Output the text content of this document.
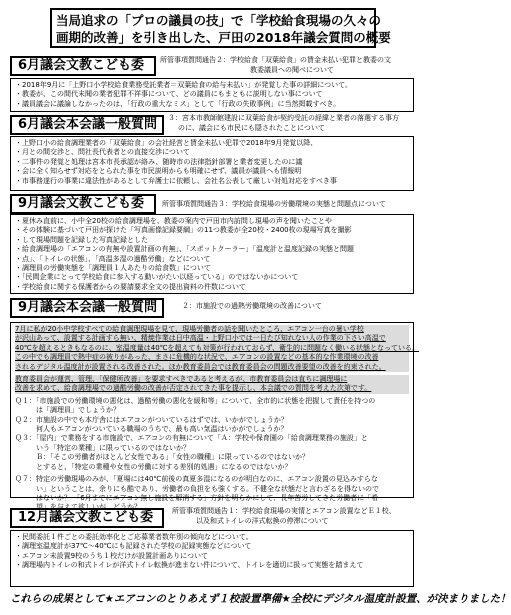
当局追求の「プロの議員の技」で「学校給食現場の久々の
画期的改善」を引き出した、戸田の2018年議会質問の概要
6月議会文教こども委	所管事項質問通告２：学校給食「双葉給食」の賃金未払い犯罪と教委の文
教委議員への聞べについて
・ 2018年9月に「上野口小学校給食業務受託業者＝双葉給食の給与未払い」が発覚した事の詳細について。
・ 教委が、この間代未聞の業者犯罪不祥事について、どの議員にもまともに説明しない事について
・ 議員議会に議論しなかったのは、「行政の重大なミス」として「行政の失敗事例」に当然掲載すべき。
6月議会本会議一般質問	３：宮本市教師館建設に双葉給食が契約受託の経緯と業者の落選する事方
のに、議会にも市民にも隠されたことについて
・ 上野口小の給食調理業者の「双葉給食」の会社経営と賃金未払い犯罪で2018年9月発覚以降、
・ 月との間交渉と、問社長代表者との直接交渉について
・ 二事件の発覚と処理は宮本市長承認が絡み、随時市の法律指針部署と業者変更したのに議
・ 会に全く知らせず対応をとられた事を市民説明からも明確にせず、議員が議員へも情報明
・ 市事務遂行の事業に違法性があるとして弁護士に依頼し、会社名公表して厳しい対処対応をすべき事
9月議会文教こども委	所管事項質問通告３：学校給食現場の労働環境の実態と問題点について
・ 夏休み直前に、小中全20校の給食調理場を、教委の案内で戸田市内訪問し現場の声を聞いたことや
・ その体験に基づいて戸田が探けた「写真画像記録要綱」の11つ教委が全20校・2400枚の現場写真を撮影
・ して現場問題を記録した写真記録とした
・ 給食調理場の「エアコンの有無や設置計画の有無」、「スポットクーラー」「温度計と温度記録の実態と問題
・ 点」、「トイレの状態」、「高温多湿の過酷労働」などについて
・ 調理員の労働実態を「調理員１人あたりの給食数」について
・ 「民間企業にとって学校給食に参入する動いがたい以経っている」のではないかについて
・ 学校給食に関する保護者からの要請要求全文の提出資料の件数について
9月議会本会議一般質問	２：市施設での過熱労働環境の改善について
7月に私が20小中学校すべての給食調理現場を見て、現場労働者の話を聞いたところ、エアコン一台の暑い学校
が沢山あって、設置する計画すら無い、精焼作業は日中高温・上野口小では一日たび知れない人の作業の下さい高温で
40℃を超えるときもなるのに、室温度量は40℃を超えても対策が行われておらず、衛生的に問題なく働いる状態となっている。
この中でも調理員で熱中症の被りがあった、まさに危機的な状況で、エアコンの設置などの基本的な作業環境の改善
されるデジタル温度計が設置される改善された。ほか教育委員会では教育委員会の問題改善要望の改善を約束された。
教育委員会が運営、管理、「保健所改善」を要求すべきであると考えるが、市教育委員会は直ちに調理場に
改善を求めて、給食調理場での過酷労働の改善が否定されてきた事を提示し、本会議での質問を考えた次第です。
Ｑ１：「市施設での労働環境の悪化は、過酷労働の悪化を緩和等」について、全市的に状態を把握して責任を持つの
　　　は「調理員」でしょうか？
Ｑ２：市施設の中でも本庁舎にはエアコンがついているはずでは、いかがでしょうか？
　　　何人もエアコンがついている職場のうちで、最も高い気温はいかがでしょうか？
Ｑ３：「屋内」で業務をする市施設で、エアコンの有無について「Ａ：学校や保育園の「給食調理業務の施設」と
　　　いう「特定の業種」に限っているのではないか？
　　　Ｂ：「そこの労働者がほとんど女性である」「女性の職種」に限っているのではないか？
　　　とすると、「特定の業種や女性の労働に対する差別的処遇」になるのではないか？
Ｑ７：特定の労働現場のみが、「夏場には40℃前後の真夏多湿になるのが明白なのに、エアコン設置の見込みすらな
　　　い」ということは、余りにも酷であり、労働者の負担をも強くする。不健全な状態だと言わざるを得ないので
　　　はないか？ 「6月までにエアコン無し施設を解消する」方針を明らかにして、長年苦労してきた労働者に「希
12月議会文教こども委	所管事項質問通告１：学校給食現場の実情とエアコン設置などＥ１校、
以及和式トイレの洋式転換の停滞について
・ 民間委託１件ごとの委託効率化とご応募業者数年別の傾向などについて。
・ 調理室温度計が37℃～40℃にも記録された学校の記録実態などについて
・ エアコン未設置9校のうち１校だけが設置計画ありについて
・ 調理場内トイレの和式トイレが洋式トイレ転換が進まない件について、トイレを適切に扱って実態を踏まえて
これらの成果として★エアコンのとりあえず１校設置準備★全校にデジタル温度計設置、が決まりました！
